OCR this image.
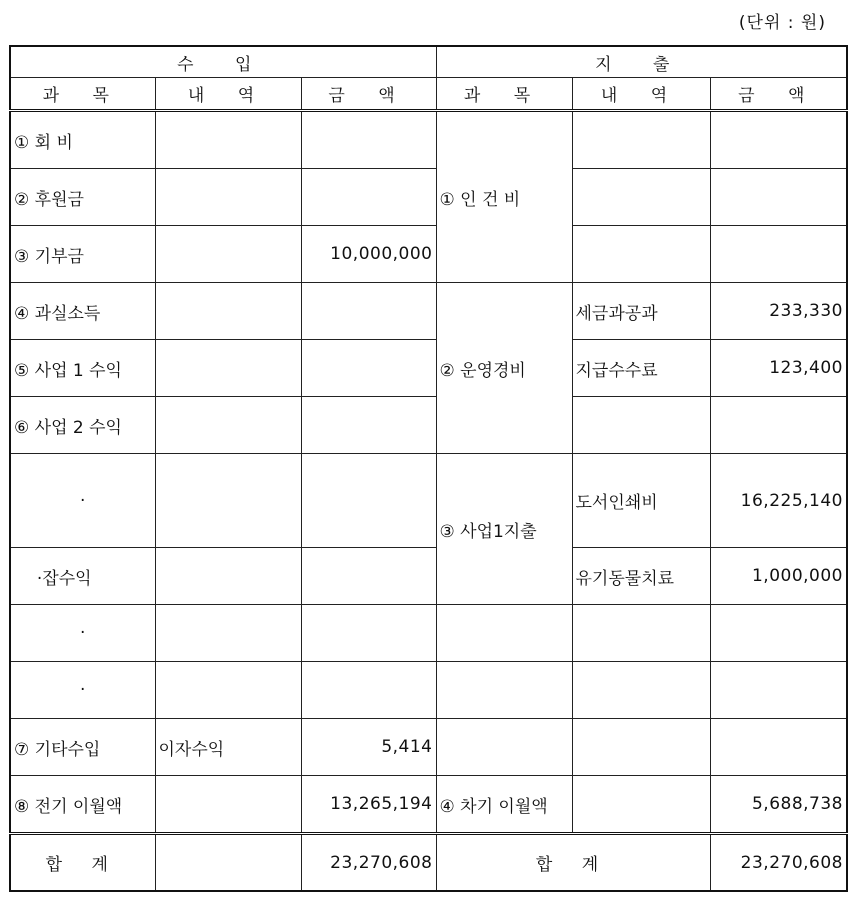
(단위 : 원)
수 입			지 출		
과 목	내 역	금 액	과 목	내 역	금 액
① 회 비			① 인 건 비		
② 후원금					
③ 기부금		10,000,000			
④ 과실소득			② 운영경비	세금과공과	233,330
⑤ 사업 1 수익				지급수수료	123,400
⑥ 사업 2 수익					
·			③ 사업1지출	도서인쇄비	16,225,140
·잡수익				유기동물치료	1,000,000
·					
·					
⑦ 기타수입	이자수익	5,414			
⑧ 전기 이월액		13,265,194	④ 차기 이월액		5,688,738
합 계		23,270,608	합 계		23,270,608
